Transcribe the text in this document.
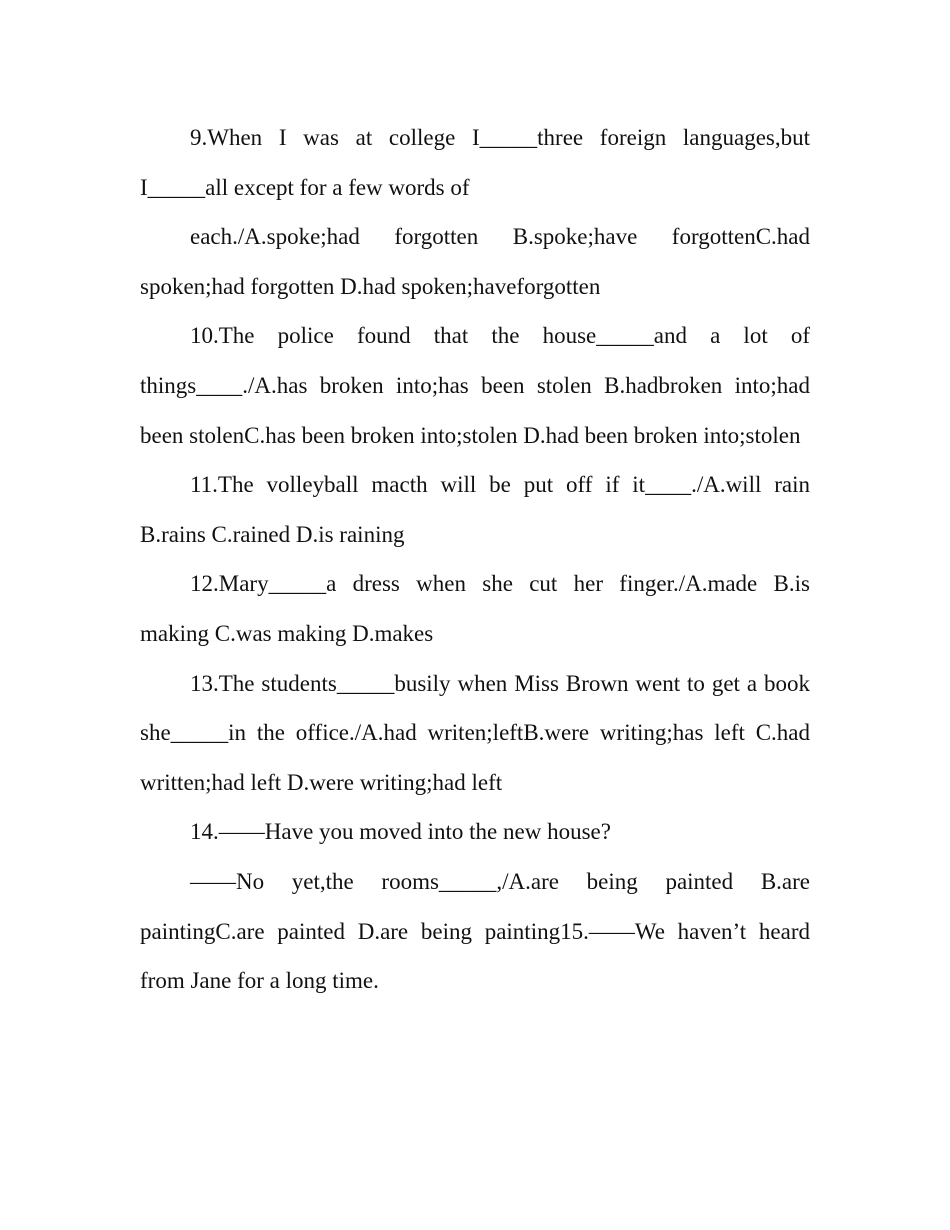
9.When I was at college I_____three foreign languages,but I_____all except for a few words of

each./A.spoke;had forgotten B.spoke;have forgottenC.had spoken;had forgotten D.had spoken;haveforgotten

10.The police found that the house_____and a lot of things____./A.has broken into;has been stolen B.hadbroken into;had been stolenC.has been broken into;stolen D.had been broken into;stolen

11.The volleyball macth will be put off if it____./A.will rain B.rains C.rained D.is raining

12.Mary_____a dress when she cut her finger./A.made B.is making C.was making D.makes

13.The students_____busily when Miss Brown went to get a book she_____in the office./A.had writen;leftB.were writing;has left C.had written;had left D.were writing;had left

14.——Have you moved into the new house?

——No yet,the rooms_____,/A.are being painted B.are paintingC.are painted D.are being painting15.——We haven’t heard from Jane for a long time.
